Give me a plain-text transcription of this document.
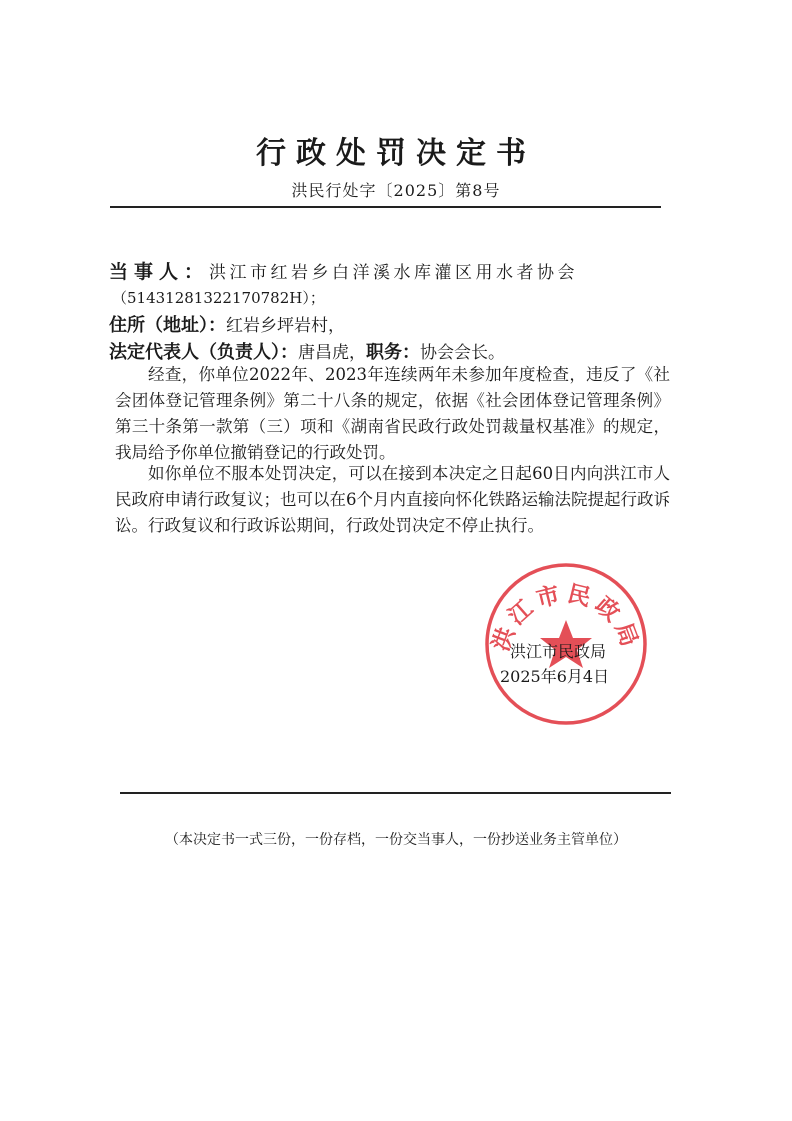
行政处罚决定书
洪民行处字〔2025〕第8号
当事人：洪江市红岩乡白洋溪水库灌区用水者协会
（51431281322170782H）；
住所（地址）：红岩乡坪岩村，
法定代表人（负责人）：唐昌虎，职务：协会会长。
经查，你单位2022年、2023年连续两年未参加年度检查，违反了《社会团体登记管理条例》第二十八条的规定，依据《社会团体登记管理条例》第三十条第一款第（三）项和《湖南省民政行政处罚裁量权基准》的规定，我局给予你单位撤销登记的行政处罚。
如你单位不服本处罚决定，可以在接到本决定之日起60日内向洪江市人民政府申请行政复议；也可以在6个月内直接向怀化铁路运输法院提起行政诉讼。行政复议和行政诉讼期间，行政处罚决定不停止执行。
洪江市民政局
洪江市民政局
2025年6月4日
（本决定书一式三份，一份存档，一份交当事人，一份抄送业务主管单位）
